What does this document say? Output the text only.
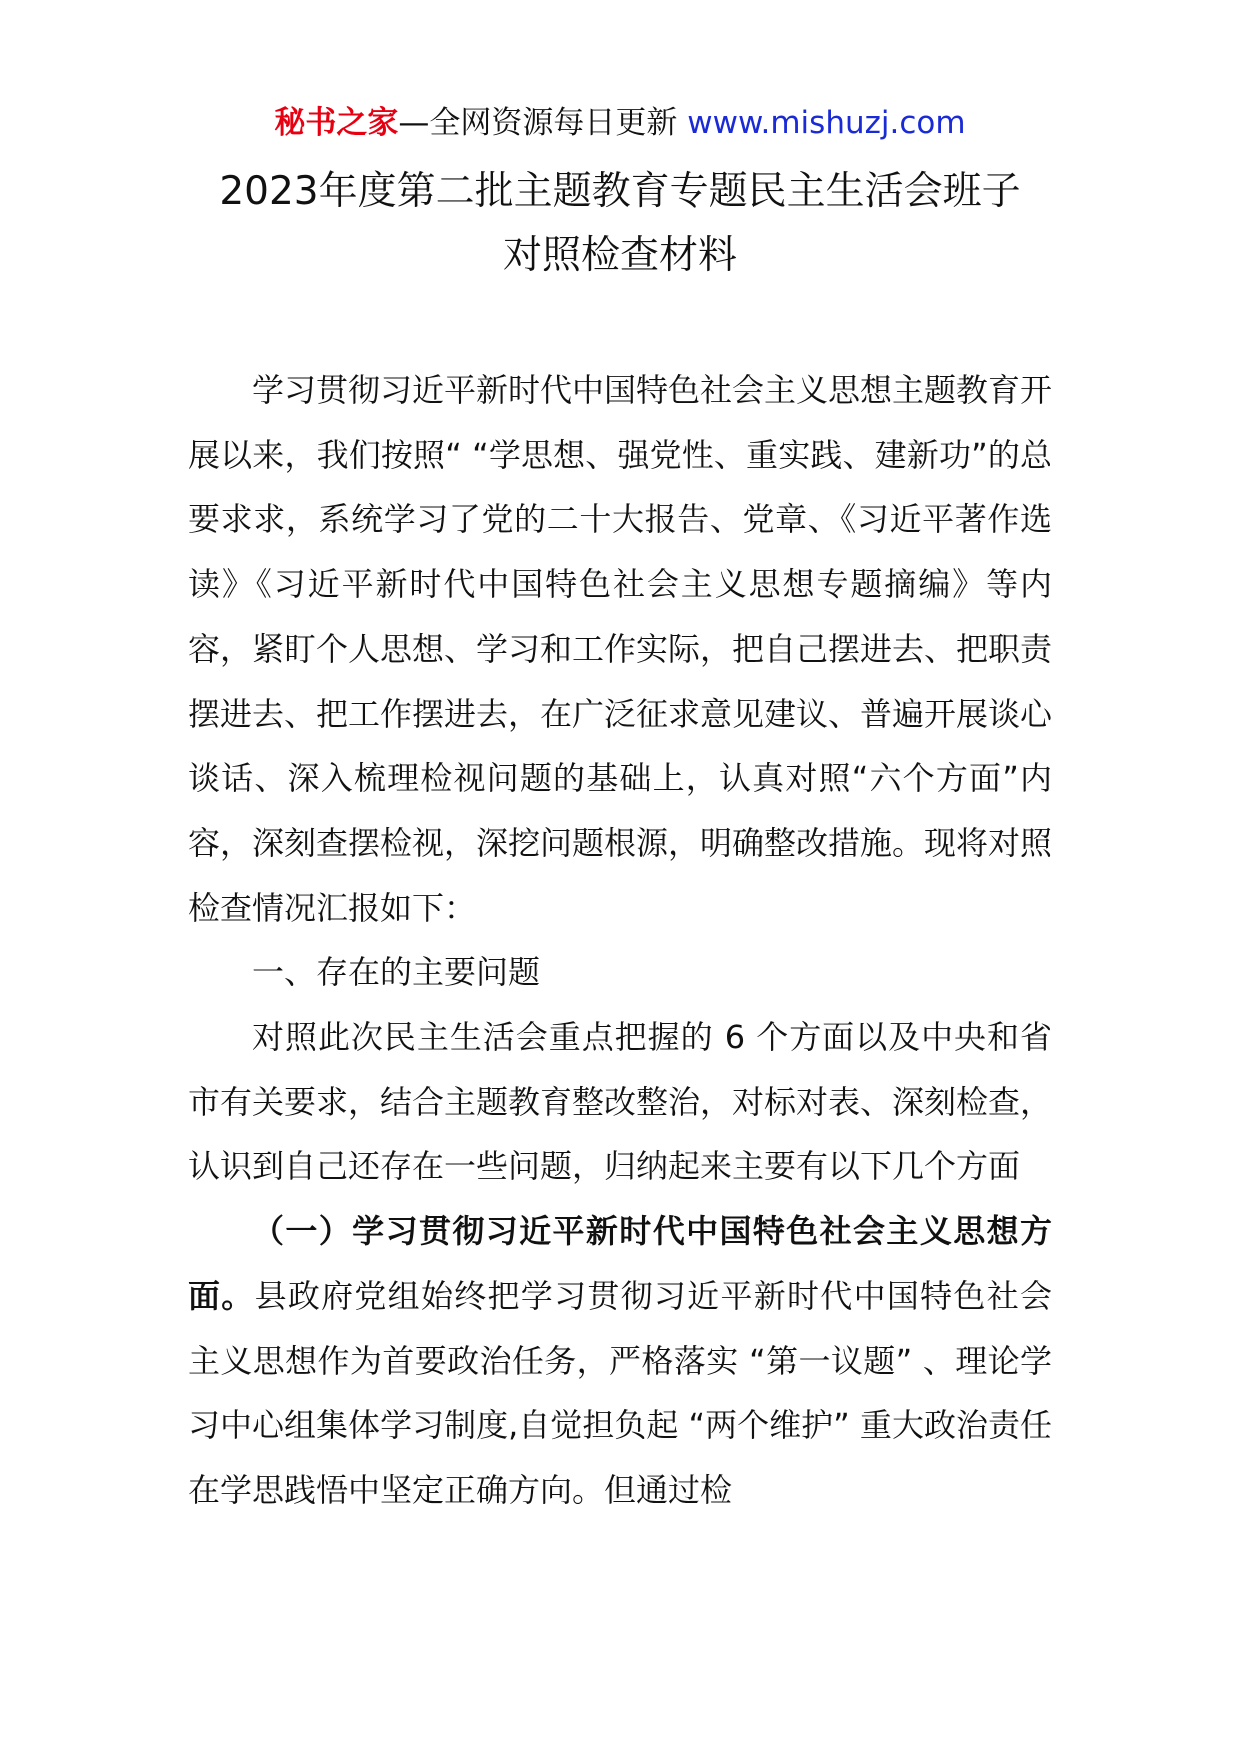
秘书之家—全网资源每日更新 www.mishuzj.com
2023年度第二批主题教育专题民主生活会班子
对照检查材料

学习贯彻习近平新时代中国特色社会主义思想主题教育开展以来，我们按照“ “学思想、强党性、重实践、建新功”的总要求求，系统学习了党的二十大报告、党章、《习近平著作选读》《习近平新时代中国特色社会主义思想专题摘编》等内容，紧盯个人思想、学习和工作实际，把自己摆进去、把职责摆进去、把工作摆进去，在广泛征求意见建议、普遍开展谈心谈话、深入梳理检视问题的基础上，认真对照“六个方面”内容，深刻查摆检视，深挖问题根源，明确整改措施。现将对照检查情况汇报如下：

一、存在的主要问题

对照此次民主生活会重点把握的 6 个方面以及中央和省市有关要求，结合主题教育整改整治，对标对表、深刻检查，认识到自己还存在一些问题，归纳起来主要有以下几个方面

（一）学习贯彻习近平新时代中国特色社会主义思想方面。县政府党组始终把学习贯彻习近平新时代中国特色社会主义思想作为首要政治任务，严格落实 “第一议题” 、理论学习中心组集体学习制度,自觉担负起 “两个维护” 重大政治责任 在学思践悟中坚定正确方向。但通过检
